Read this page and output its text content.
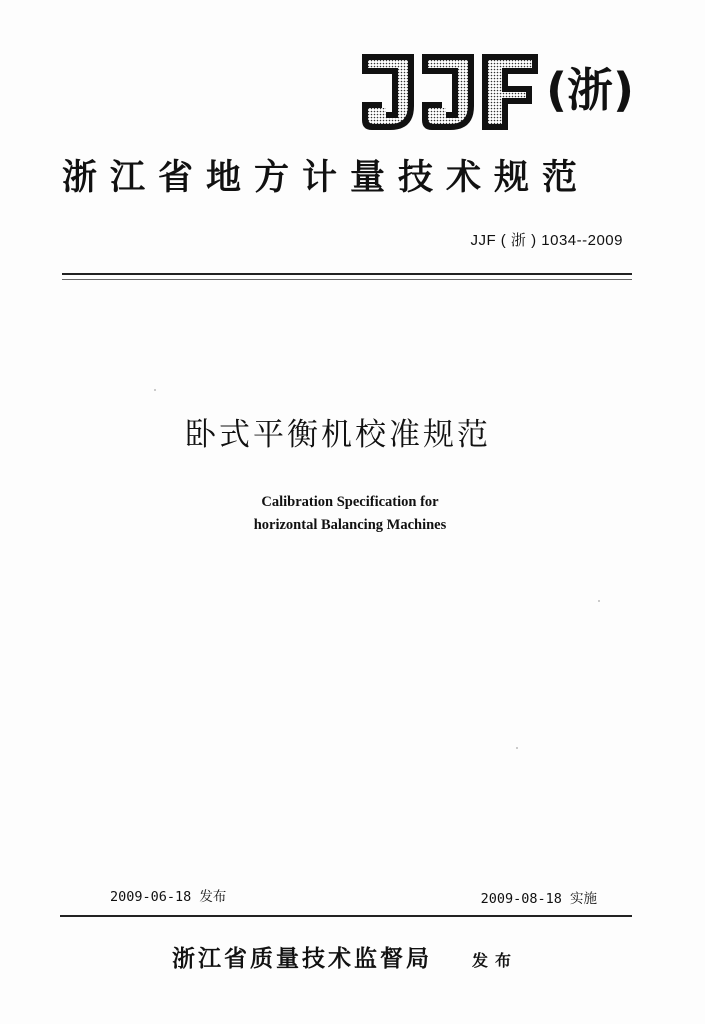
(浙)
浙江省地方计量技术规范
JJF ( 浙 ) 1034--2009
卧式平衡机校准规范
Calibration Specification for
horizontal Balancing Machines
2009-06-18 发布	2009-08-18 实施
浙江省质量技术监督局	发布
